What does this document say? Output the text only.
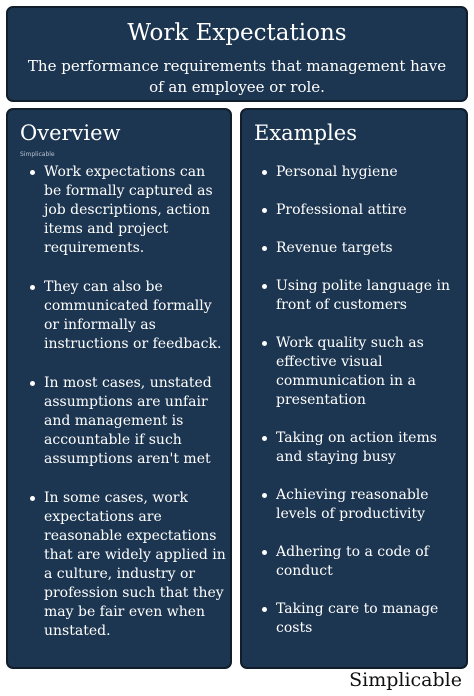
Work Expectations
The performance requirements that management have of an employee or role.
Overview
Simplicable
Work expectations can be formally captured as job descriptions, action items and project requirements.
They can also be communicated formally or informally as instructions or feedback.
In most cases, unstated assumptions are unfair and management is accountable if such assumptions aren't met
In some cases, work expectations are reasonable expectations that are widely applied in a culture, industry or profession such that they may be fair even when unstated.
Examples
Personal hygiene
Professional attire
Revenue targets
Using polite language in front of customers
Work quality such as effective visual communication in a presentation
Taking on action items and staying busy
Achieving reasonable levels of productivity
Adhering to a code of conduct
Taking care to manage costs
Simplicable
